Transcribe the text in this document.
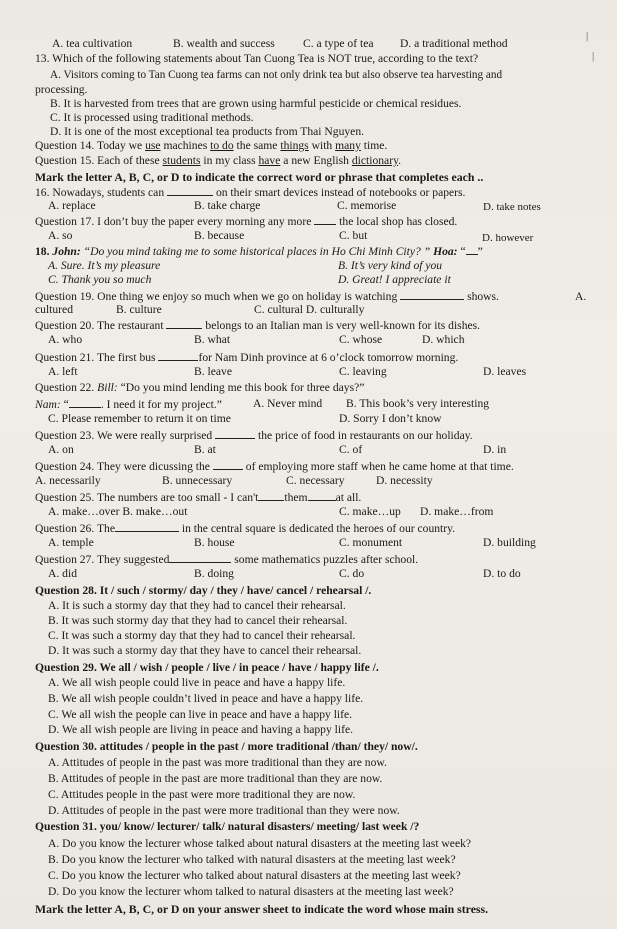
A. tea cultivation	B. wealth and success C. a type of tea D. a traditional method
|
|
13. Which of the following statements about Tan Cuong Tea is NOT true, according to the text?
A. Visitors coming to Tan Cuong tea farms can not only drink tea but also observe tea harvesting and
processing.
B. It is harvested from trees that are grown using harmful pesticide or chemical residues.
C. It is processed using traditional methods.
D. It is one of the most exceptional tea products from Thai Nguyen.
Question 14. Today we use machines to do the same things with many time.
Question 15. Each of these students in my class have a new English dictionary.
Mark the letter A, B, C, or D to indicate the correct word or phrase that completes each ..
16. Nowadays, students can	on their smart devices instead of notebooks or papers.
A. replace	B. take charge	C. memorise	D. take notes
Question 17. I don’t buy the paper every morning any more the local shop has closed.
A. so	B. because	C. but	D. however
18. John: “Do you mind taking me to some historical places in Ho Chi Minh City? ” Hoa: “ ”
A. Sure. It’s my pleasure	B. It’s very kind of you
C. Thank you so much	D. Great! I appreciate it
Question 19. One thing we enjoy so much when we go on holiday is watching	shows.	A.
cultured	B. culture	C. cultural D. culturally
Question 20. The restaurant	belongs to an Italian man is very well-known for its dishes.
A. who	B. what	C. whose	D. which
Question 21. The first bus	for Nam Dinh province at 6 o’clock tomorrow morning.
A. left	B. leave	C. leaving	D. leaves
Question 22. Bill: “Do you mind lending me this book for three days?”
Nam: “	. I need it for my project.”	A. Never mind B. This book’s very interesting
C. Please remember to return it on time	D. Sorry I don’t know
Question 23. We were really surprised	the price of food in restaurants on our holiday.
A. on	B. at	C. of	D. in
Question 24. They were dicussing the	of employing more staff when he came home at that time.
A. necessarily	B. unnecessary	C. necessary	D. necessity
Question 25. The numbers are too small - I can't them at all.
A. make…over B. make…out	C. make…up D. make…from
Question 26. The	in the central square is dedicated the heroes of our country.
A. temple	B. house	C. monument	D. building
Question 27. They suggested	some mathematics puzzles after school.
A. did	B. doing	C. do	D. to do
Question 28. It / such / stormy/ day / they / have/ cancel / rehearsal /.
A. It is such a stormy day that they had to cancel their rehearsal.
B. It was such stormy day that they had to cancel their rehearsal.
C. It was such a stormy day that they had to cancel their rehearsal.
D. It was such a stormy day that they have to cancel their rehearsal.
Question 29. We all / wish / people / live / in peace / have / happy life /.
A. We all wish people could live in peace and have a happy life.
B. We all wish people couldn’t lived in peace and have a happy life.
C. We all wish the people can live in peace and have a happy life.
D. We all wish people are living in peace and having a happy life.
Question 30. attitudes / people in the past / more traditional /than/ they/ now/.
A. Attitudes of people in the past was more traditional than they are now.
B. Attitudes of people in the past are more traditional than they are now.
C. Attitudes people in the past were more traditional they are now.
D. Attitudes of people in the past were more traditional than they were now.
Question 31. you/ know/ lecturer/ talk/ natural disasters/ meeting/ last week /?
A. Do you know the lecturer whose talked about natural disasters at the meeting last week?
B. Do you know the lecturer who talked with natural disasters at the meeting last week?
C. Do you know the lecturer who talked about natural disasters at the meeting last week?
D. Do you know the lecturer whom talked to natural disasters at the meeting last week?
Mark the letter A, B, C, or D on your answer sheet to indicate the word whose main stress.
